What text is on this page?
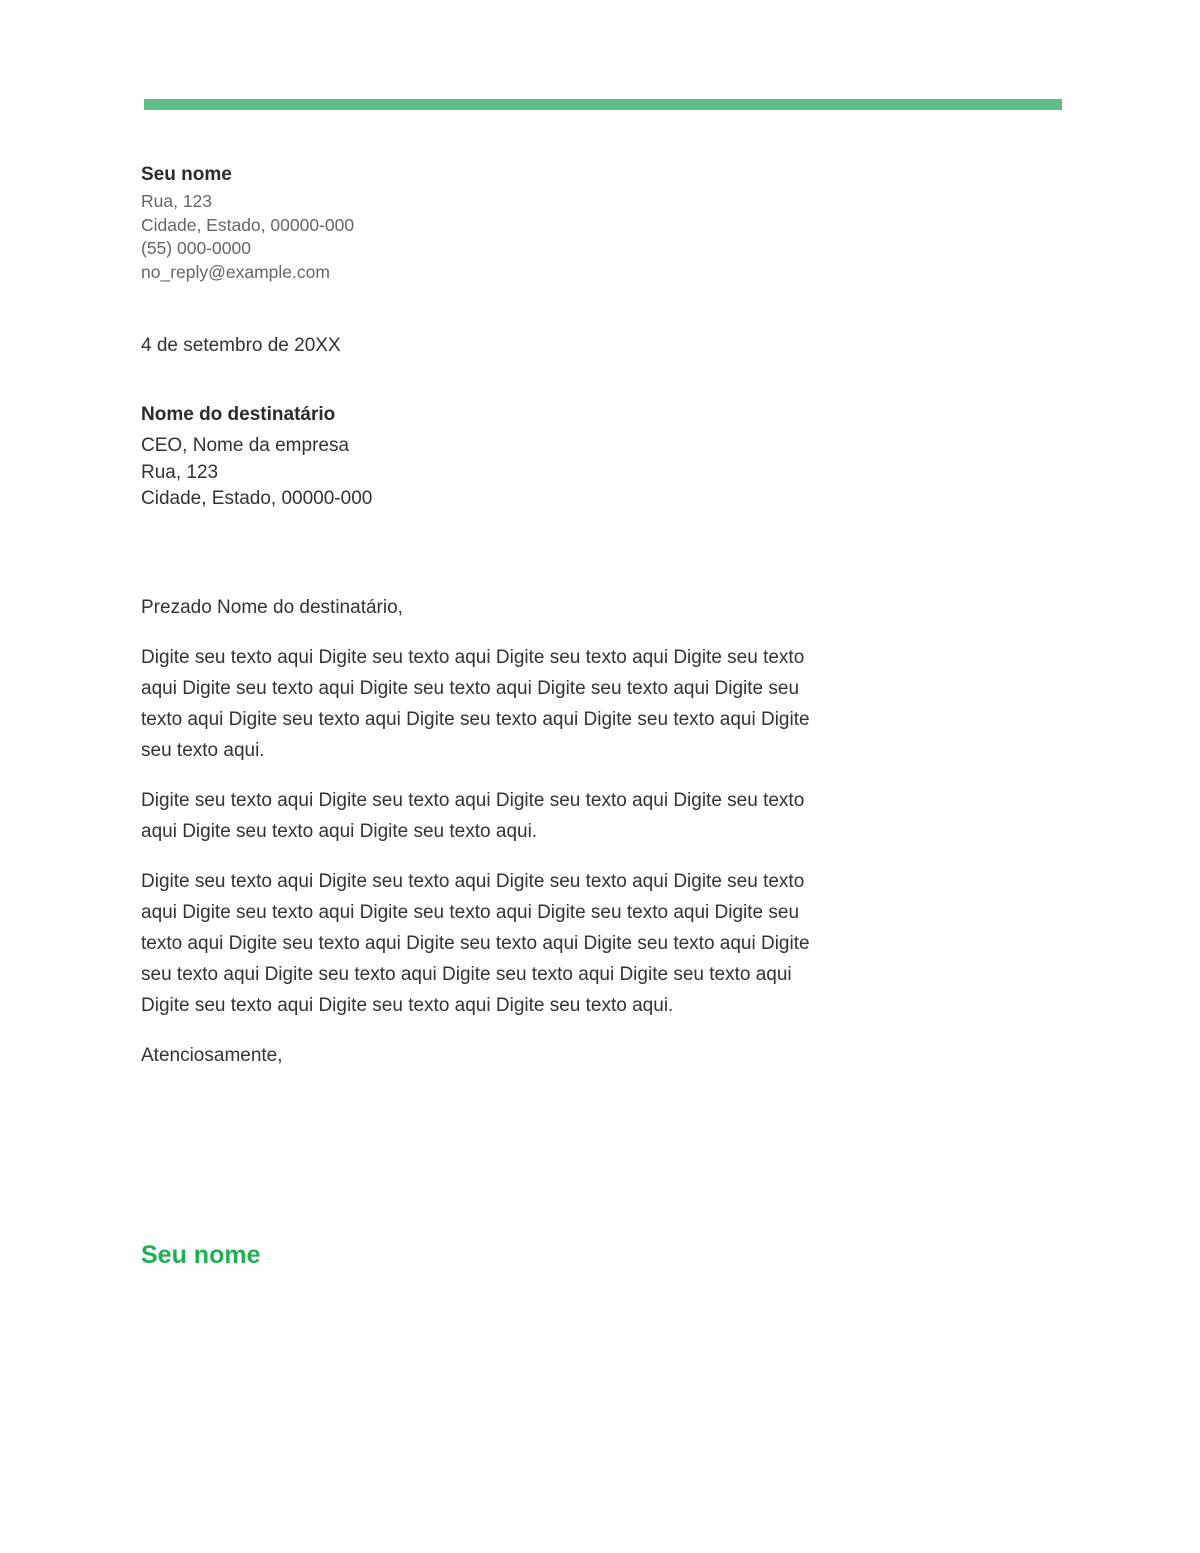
Seu nome
Rua, 123
Cidade, Estado, 00000-000
(55) 000-0000
no_reply@example.com
4 de setembro de 20XX
Nome do destinatário
CEO, Nome da empresa
Rua, 123
Cidade, Estado, 00000-000

Prezado Nome do destinatário,

Digite seu texto aqui Digite seu texto aqui Digite seu texto aqui Digite seu texto aqui Digite seu texto aqui Digite seu texto aqui Digite seu texto aqui Digite seu texto aqui Digite seu texto aqui Digite seu texto aqui Digite seu texto aqui Digite seu texto aqui.

Digite seu texto aqui Digite seu texto aqui Digite seu texto aqui Digite seu texto aqui Digite seu texto aqui Digite seu texto aqui.

Digite seu texto aqui Digite seu texto aqui Digite seu texto aqui Digite seu texto aqui Digite seu texto aqui Digite seu texto aqui Digite seu texto aqui Digite seu texto aqui Digite seu texto aqui Digite seu texto aqui Digite seu texto aqui Digite seu texto aqui Digite seu texto aqui Digite seu texto aqui Digite seu texto aqui Digite seu texto aqui Digite seu texto aqui Digite seu texto aqui.

Atenciosamente,

Seu nome
